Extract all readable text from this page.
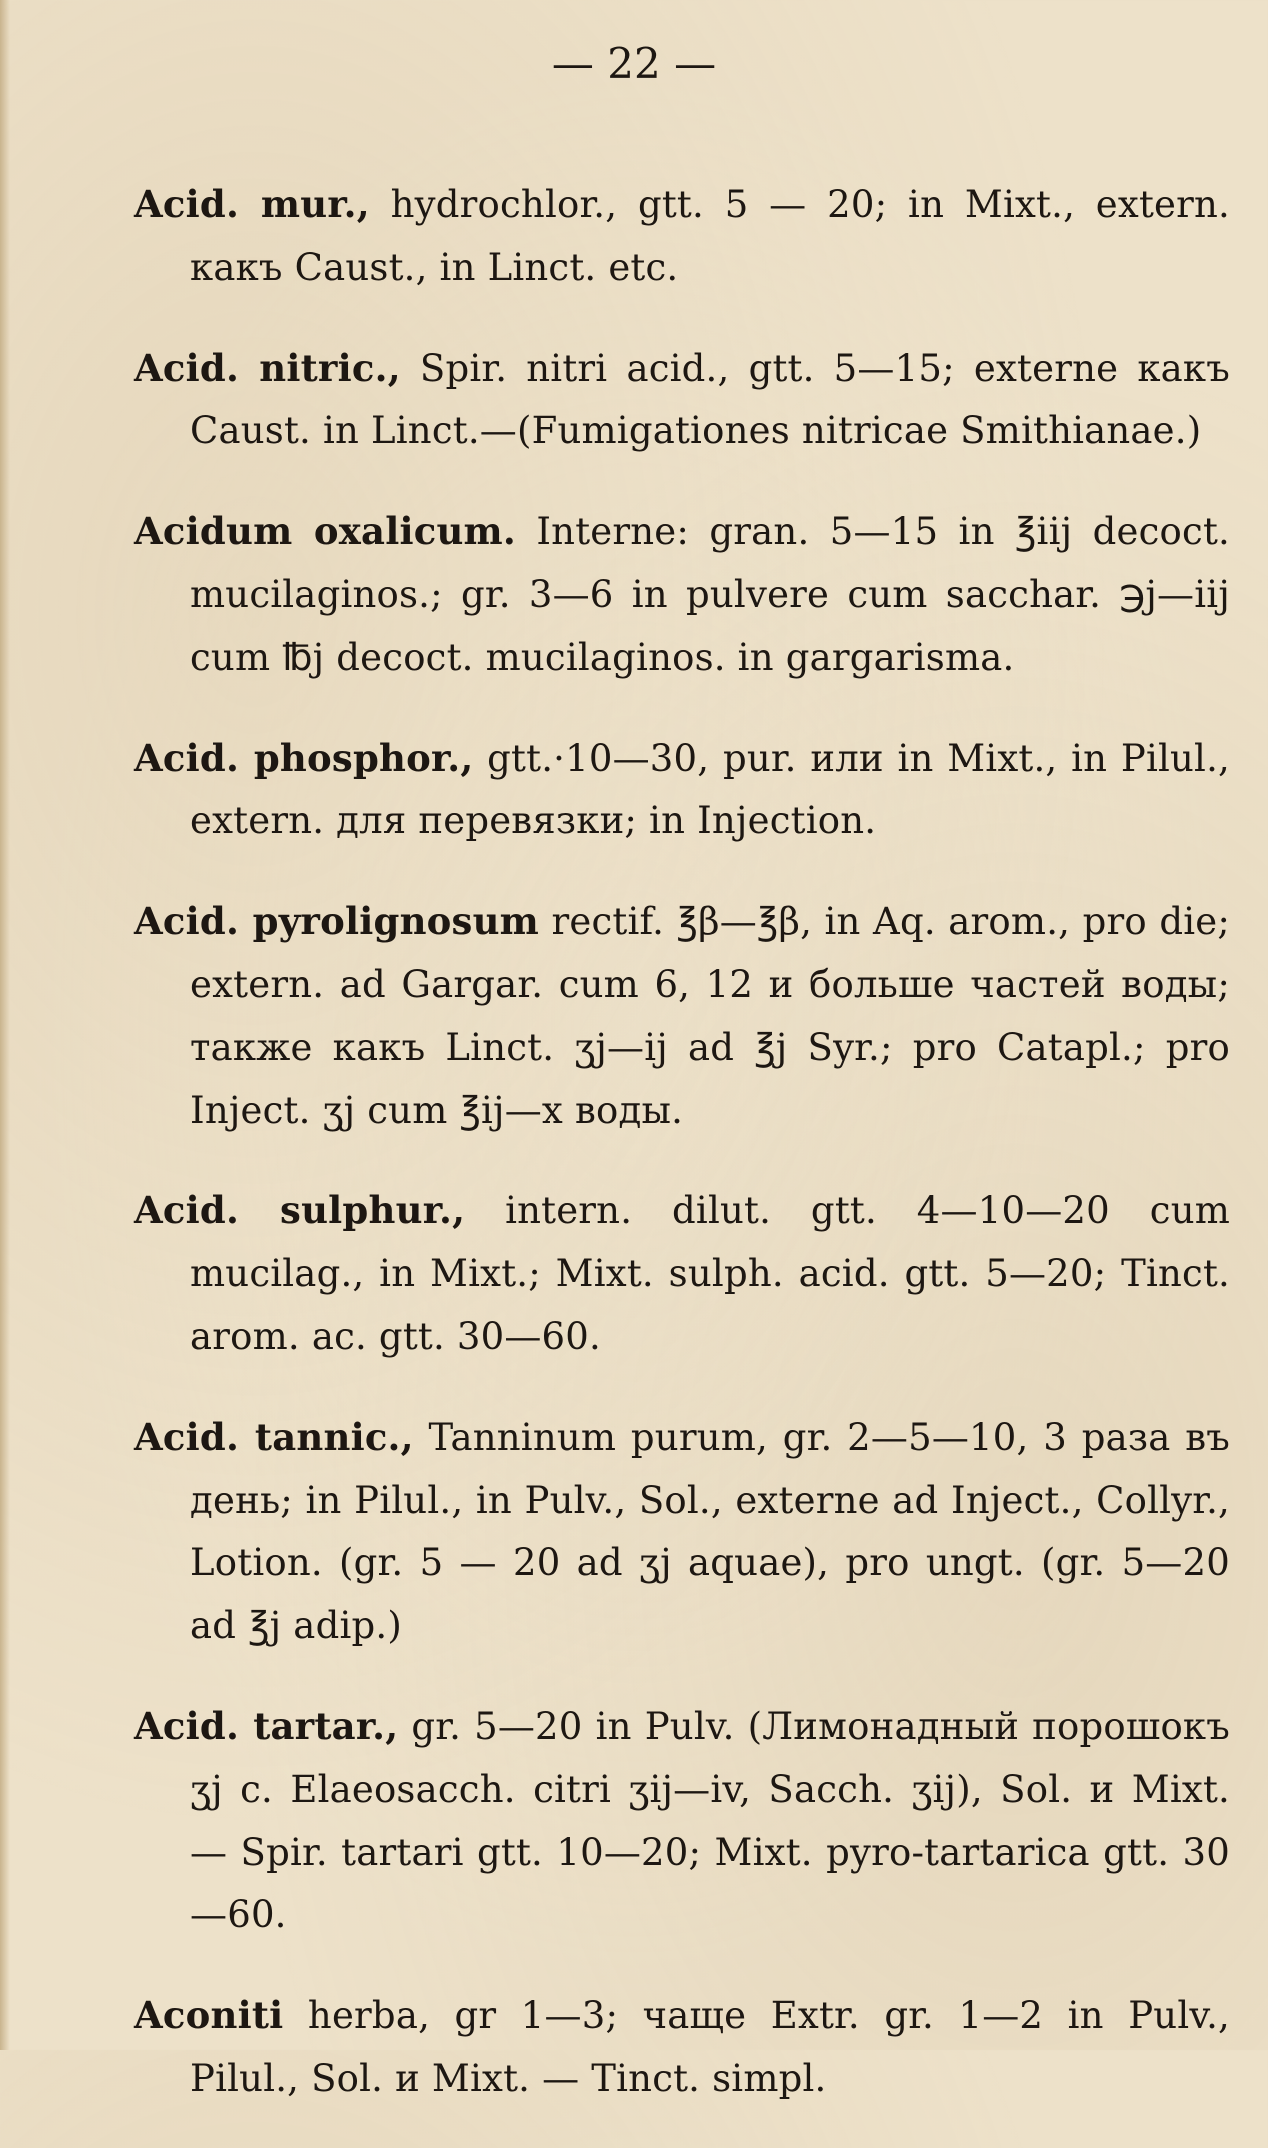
— 22 —

Acid. mur., hydrochlor., gtt. 5 — 20; in Mixt., extern. какъ Caust., in Linct. etc.

Acid. nitric., Spir. nitri acid., gtt. 5—15; externe какъ Caust. in Linct.—(Fumigationes nitricae Smithianae.)

Acidum oxalicum. Interne: gran. 5—15 in ℥iij decoct. mucilaginos.; gr. 3—6 in pulvere cum sacchar. ℈j—iij cum ℔j decoct. mucilaginos. in gargarisma.

Acid. phosphor., gtt.·10—30, pur. или in Mixt., in Pilul., extern. для перевязки; in Injection.

Acid. pyrolignosum rectif. ℥β—℥β, in Aq. arom., pro die; extern. ad Gargar. cum 6, 12 и больше частей воды; также какъ Linct. ʒj—ij ad ℥j Syr.; pro Catapl.; pro Inject. ʒj cum ℥ij—x воды.

Acid. sulphur., intern. dilut. gtt. 4—10—20 cum mucilag., in Mixt.; Mixt. sulph. acid. gtt. 5—20; Tinct. arom. ac. gtt. 30—60.

Acid. tannic., Tanninum purum, gr. 2—5—10, 3 раза въ день; in Pilul., in Pulv., Sol., externe ad Inject., Collyr., Lotion. (gr. 5 — 20 ad ʒj aquae), pro ungt. (gr. 5—20 ad ℥j adip.)

Acid. tartar., gr. 5—20 in Pulv. (Лимонадный порошокъ ʒj c. Elaeosacch. citri ʒij—iv, Sacch. ʒij), Sol. и Mixt. — Spir. tartari gtt. 10—20; Mixt. pyro-tartarica gtt. 30—60.

Aconiti herba, gr 1—3; чаще Extr. gr. 1—2 in Pulv., Pilul., Sol. и Mixt. — Tinct. simpl.
